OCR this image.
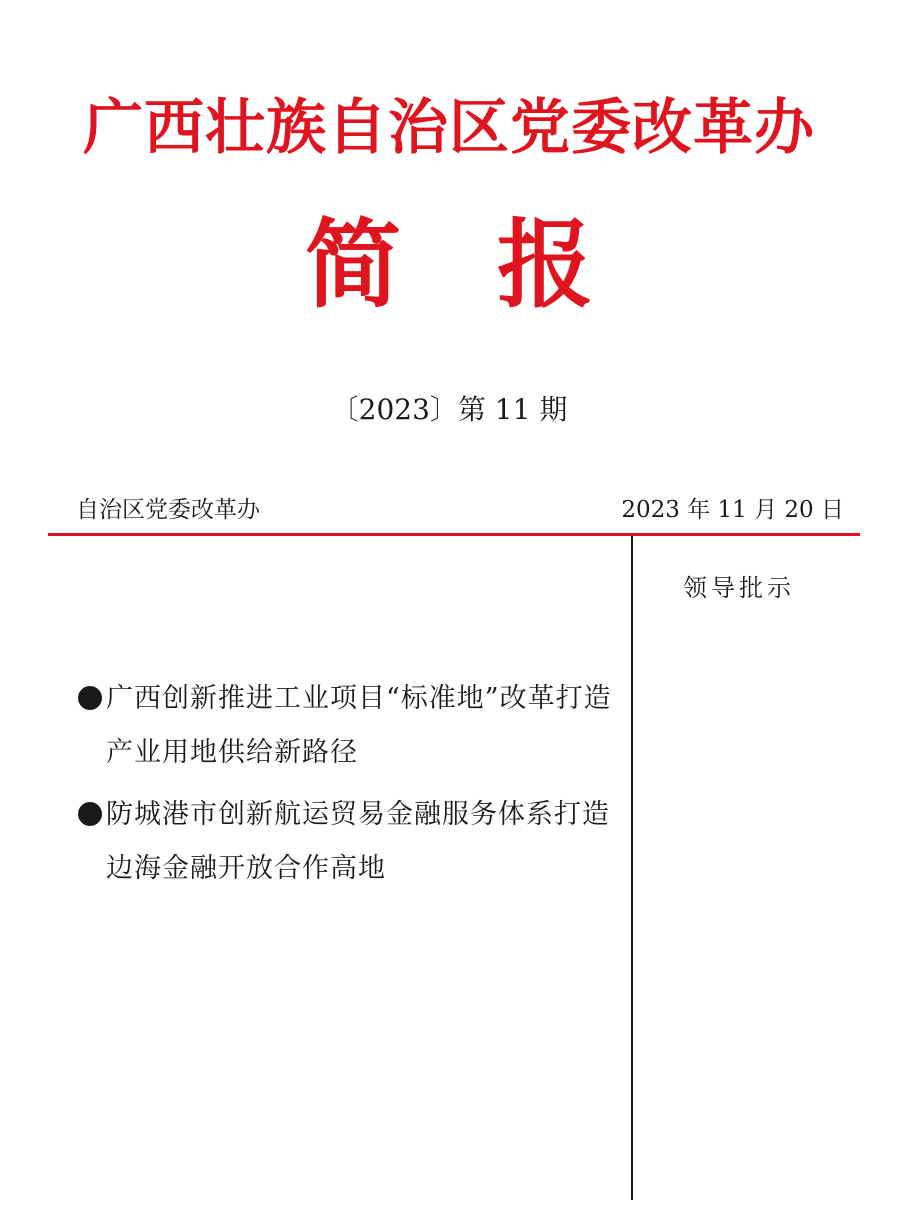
广西壮族自治区党委改革办
简报
〔2023〕第 11 期
自治区党委改革办	2023 年 11 月 20 日
领导批示
广西创新推进工业项目“标准地”改革打造产业用地供给新路径
防城港市创新航运贸易金融服务体系打造边海金融开放合作高地
